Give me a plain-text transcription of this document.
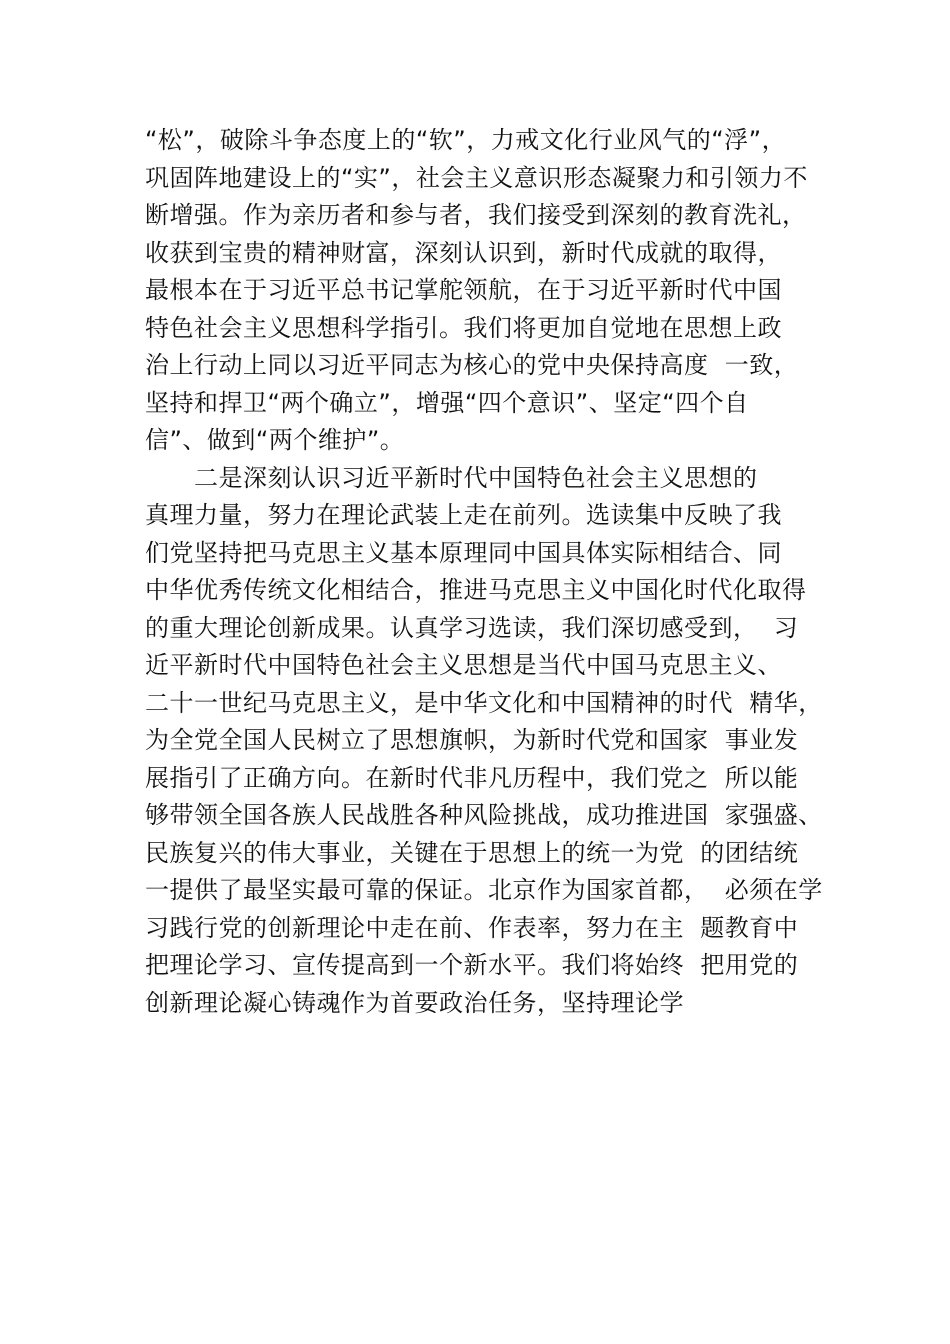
“松”，破除斗争态度上的“软”，力戒文化行业风气的“浮”，
巩固阵地建设上的“实”，社会主义意识形态凝聚力和引领力不
断增强。作为亲历者和参与者，我们接受到深刻的教育洗礼，
收获到宝贵的精神财富，深刻认识到，新时代成就的取得，
最根本在于习近平总书记掌舵领航，在于习近平新时代中国
特色社会主义思想科学指引。我们将更加自觉地在思想上政
治上行动上同以习近平同志为核心的党中央保持高度  一致，
坚持和捍卫“两个确立”，增强“四个意识”、坚定“四个自
信”、做到“两个维护”。
二是深刻认识习近平新时代中国特色社会主义思想的
真理力量，努力在理论武装上走在前列。选读集中反映了我
们党坚持把马克思主义基本原理同中国具体实际相结合、同
中华优秀传统文化相结合，推进马克思主义中国化时代化取得
的重大理论创新成果。认真学习选读，我们深切感受到，  习
近平新时代中国特色社会主义思想是当代中国马克思主义、
二十一世纪马克思主义，是中华文化和中国精神的时代  精华，
为全党全国人民树立了思想旗帜，为新时代党和国家  事业发
展指引了正确方向。在新时代非凡历程中，我们党之  所以能
够带领全国各族人民战胜各种风险挑战，成功推进国  家强盛、
民族复兴的伟大事业，关键在于思想上的统一为党  的团结统
一提供了最坚实最可靠的保证。北京作为国家首都，  必须在学
习践行党的创新理论中走在前、作表率，努力在主  题教育中
把理论学习、宣传提高到一个新水平。我们将始终  把用党的
创新理论凝心铸魂作为首要政治任务，坚持理论学
